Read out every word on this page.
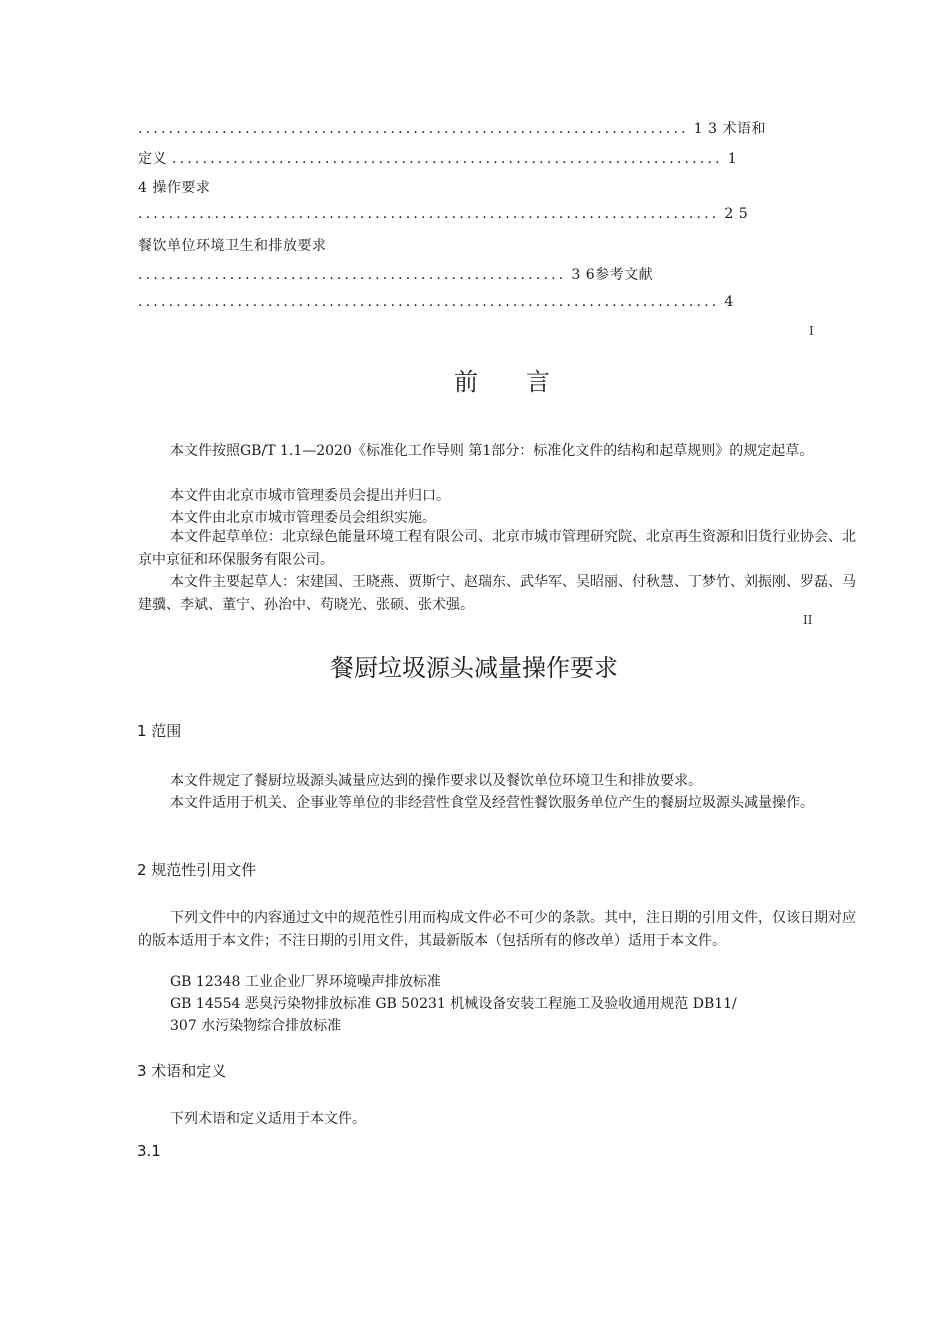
........................................................................ 1 3 术语和
定义 ........................................................................ 1
4 操作要求
............................................................................ 2 5
餐饮单位环境卫生和排放要求
........................................................ 3 6参考文献
............................................................................ 4
I
前 言
本文件按照GB/T 1.1—2020《标准化工作导则 第1部分：标准化文件的结构和起草规则》的规定起草。
本文件由北京市城市管理委员会提出并归口。
本文件由北京市城市管理委员会组织实施。
本文件起草单位：北京绿色能量环境工程有限公司、北京市城市管理研究院、北京再生资源和旧货行业协会、北京中京征和环保服务有限公司。
本文件主要起草人：宋建国、王晓燕、贾斯宁、赵瑞东、武华军、吴昭丽、付秋慧、丁梦竹、刘振刚、罗磊、马建骥、李斌、董宁、孙治中、苟晓光、张硕、张术强。
II
餐厨垃圾源头减量操作要求
1 范围
本文件规定了餐厨垃圾源头减量应达到的操作要求以及餐饮单位环境卫生和排放要求。
本文件适用于机关、企事业等单位的非经营性食堂及经营性餐饮服务单位产生的餐厨垃圾源头减量操作。
2 规范性引用文件
下列文件中的内容通过文中的规范性引用而构成文件必不可少的条款。其中，注日期的引用文件，仅该日期对应的版本适用于本文件；不注日期的引用文件，其最新版本（包括所有的修改单）适用于本文件。
GB 12348 工业企业厂界环境噪声排放标准
GB 14554 恶臭污染物排放标准 GB 50231 机械设备安装工程施工及验收通用规范 DB11/
307 水污染物综合排放标准
3 术语和定义
下列术语和定义适用于本文件。
3.1
